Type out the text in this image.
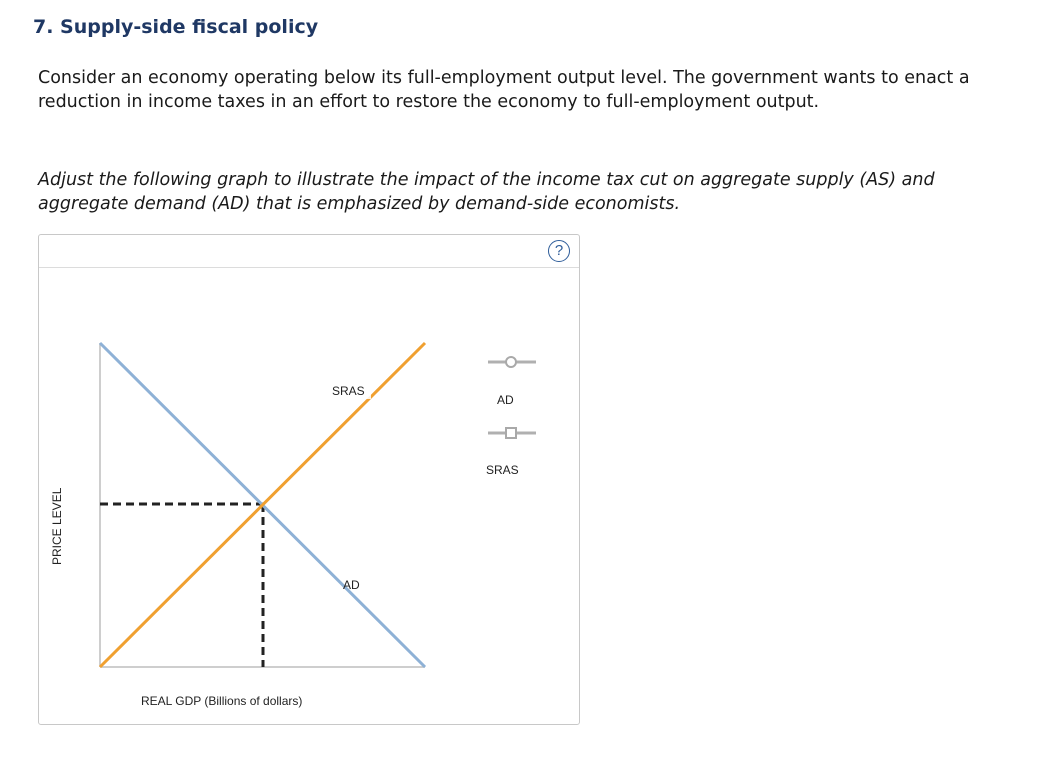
7. Supply-side fiscal policy

Consider an economy operating below its full-employment output level. The government wants to enact a reduction in income taxes in an effort to restore the economy to full-employment output.

Adjust the following graph to illustrate the impact of the income tax cut on aggregate supply (AS) and aggregate demand (AD) that is emphasized by demand-side economists.

?
SRAS
AD
REAL GDP (Billions of dollars)
PRICE LEVEL
AD
SRAS
